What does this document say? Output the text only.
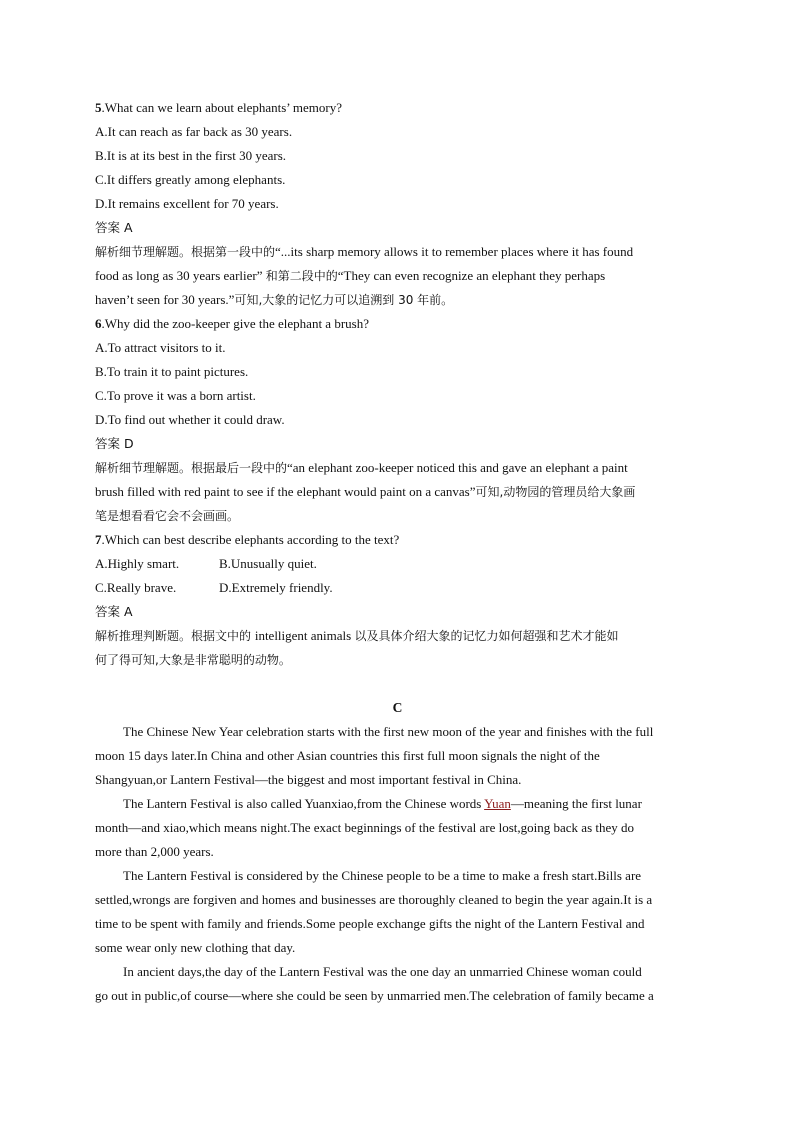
5.What can we learn about elephants’ memory?
A.It can reach as far back as 30 years.
B.It is at its best in the first 30 years.
C.It differs greatly among elephants.
D.It remains excellent for 70 years.
答案 A
解析细节理解题。根据第一段中的“...its sharp memory allows it to remember places where it has found
food as long as 30 years earlier” 和第二段中的“They can even recognize an elephant they perhaps
haven’t seen for 30 years.”可知,大象的记忆力可以追溯到 30 年前。
6.Why did the zoo-keeper give the elephant a brush?
A.To attract visitors to it.
B.To train it to paint pictures.
C.To prove it was a born artist.
D.To find out whether it could draw.
答案 D
解析细节理解题。根据最后一段中的“an elephant zoo-keeper noticed this and gave an elephant a paint
brush filled with red paint to see if the elephant would paint on a canvas”可知,动物园的管理员给大象画
笔是想看看它会不会画画。
7.Which can best describe elephants according to the text?
A.Highly smart.	B.Unusually quiet.
C.Really brave.	D.Extremely friendly.
答案 A
解析推理判断题。根据文中的 intelligent animals 以及具体介绍大象的记忆力如何超强和艺术才能如
何了得可知,大象是非常聪明的动物。
C
The Chinese New Year celebration starts with the first new moon of the year and finishes with the full
moon 15 days later.In China and other Asian countries this first full moon signals the night of the
Shangyuan,or Lantern Festival—the biggest and most important festival in China.
The Lantern Festival is also called Yuanxiao,from the Chinese words Yuan—meaning the first lunar
month—and xiao,which means night.The exact beginnings of the festival are lost,going back as they do
more than 2,000 years.
The Lantern Festival is considered by the Chinese people to be a time to make a fresh start.Bills are
settled,wrongs are forgiven and homes and businesses are thoroughly cleaned to begin the year again.It is a
time to be spent with family and friends.Some people exchange gifts the night of the Lantern Festival and
some wear only new clothing that day.
In ancient days,the day of the Lantern Festival was the one day an unmarried Chinese woman could
go out in public,of course—where she could be seen by unmarried men.The celebration of family became a
